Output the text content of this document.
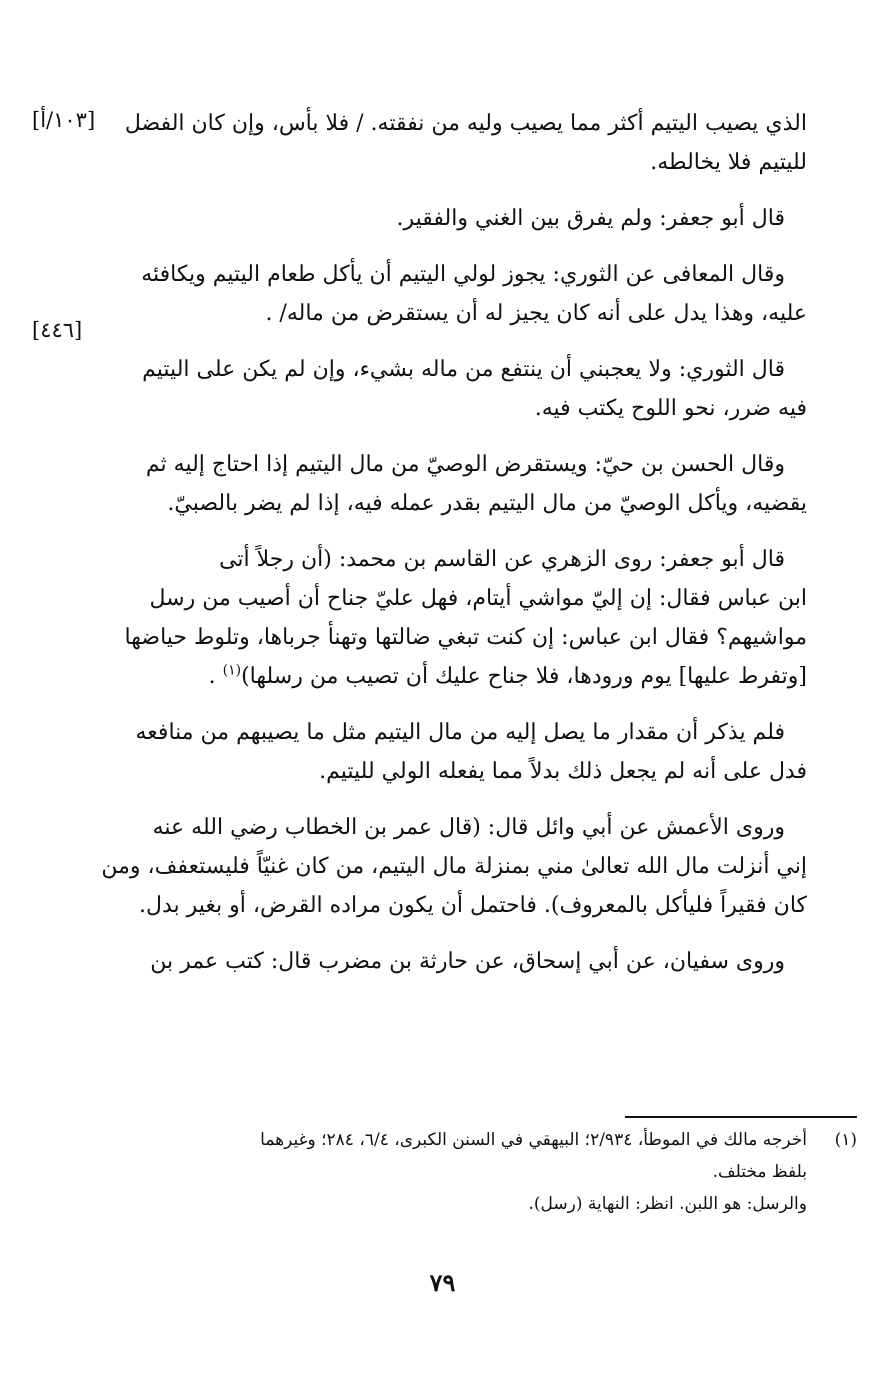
[١٠٣/أ]
[٤٤٦]

الذي يصيب اليتيم أكثر مما يصيب وليه من نفقته. / فلا بأس، وإن كان الفضل
لليتيم فلا يخالطه.

قال أبو جعفر: ولم يفرق بين الغني والفقير.

وقال المعافى عن الثوري: يجوز لولي اليتيم أن يأكل طعام اليتيم ويكافئه
عليه، وهذا يدل على أنه كان يجيز له أن يستقرض من ماله/ .

قال الثوري: ولا يعجبني أن ينتفع من ماله بشيء، وإن لم يكن على اليتيم
فيه ضرر، نحو اللوح يكتب فيه.

وقال الحسن بن حيّ: ويستقرض الوصيّ من مال اليتيم إذا احتاج إليه ثم
يقضيه، ويأكل الوصيّ من مال اليتيم بقدر عمله فيه، إذا لم يضر بالصبيّ.

قال أبو جعفر: روى الزهري عن القاسم بن محمد: (أن رجلاً أتى
ابن عباس فقال: إن إليّ مواشي أيتام، فهل عليّ جناح أن أصيب من رسل
مواشيهم؟ فقال ابن عباس: إن كنت تبغي ضالتها وتهنأ جرباها، وتلوط حياضها
[وتفرط عليها] يوم ورودها، فلا جناح عليك أن تصيب من رسلها)$^{(١)}$ .

فلم يذكر أن مقدار ما يصل إليه من مال اليتيم مثل ما يصيبهم من منافعه
فدل على أنه لم يجعل ذلك بدلاً مما يفعله الولي لليتيم.

وروى الأعمش عن أبي وائل قال: (قال عمر بن الخطاب رضي الله عنه
إني أنزلت مال الله تعالىٰ مني بمنزلة مال اليتيم، من كان غنيّاً فليستعفف، ومن
كان فقيراً فليأكل بالمعروف). فاحتمل أن يكون مراده القرض، أو بغير بدل.

وروى سفيان، عن أبي إسحاق، عن حارثة بن مضرب قال: كتب عمر بن

(١)أخرجه مالك في الموطأ، ٢/٩٣٤؛ البيهقي في السنن الكبرى، ٦/٤، ٢٨٤؛ وغيرهما
بلفظ مختلف.
والرسل: هو اللبن. انظر: النهاية (رسل).
٧٩
